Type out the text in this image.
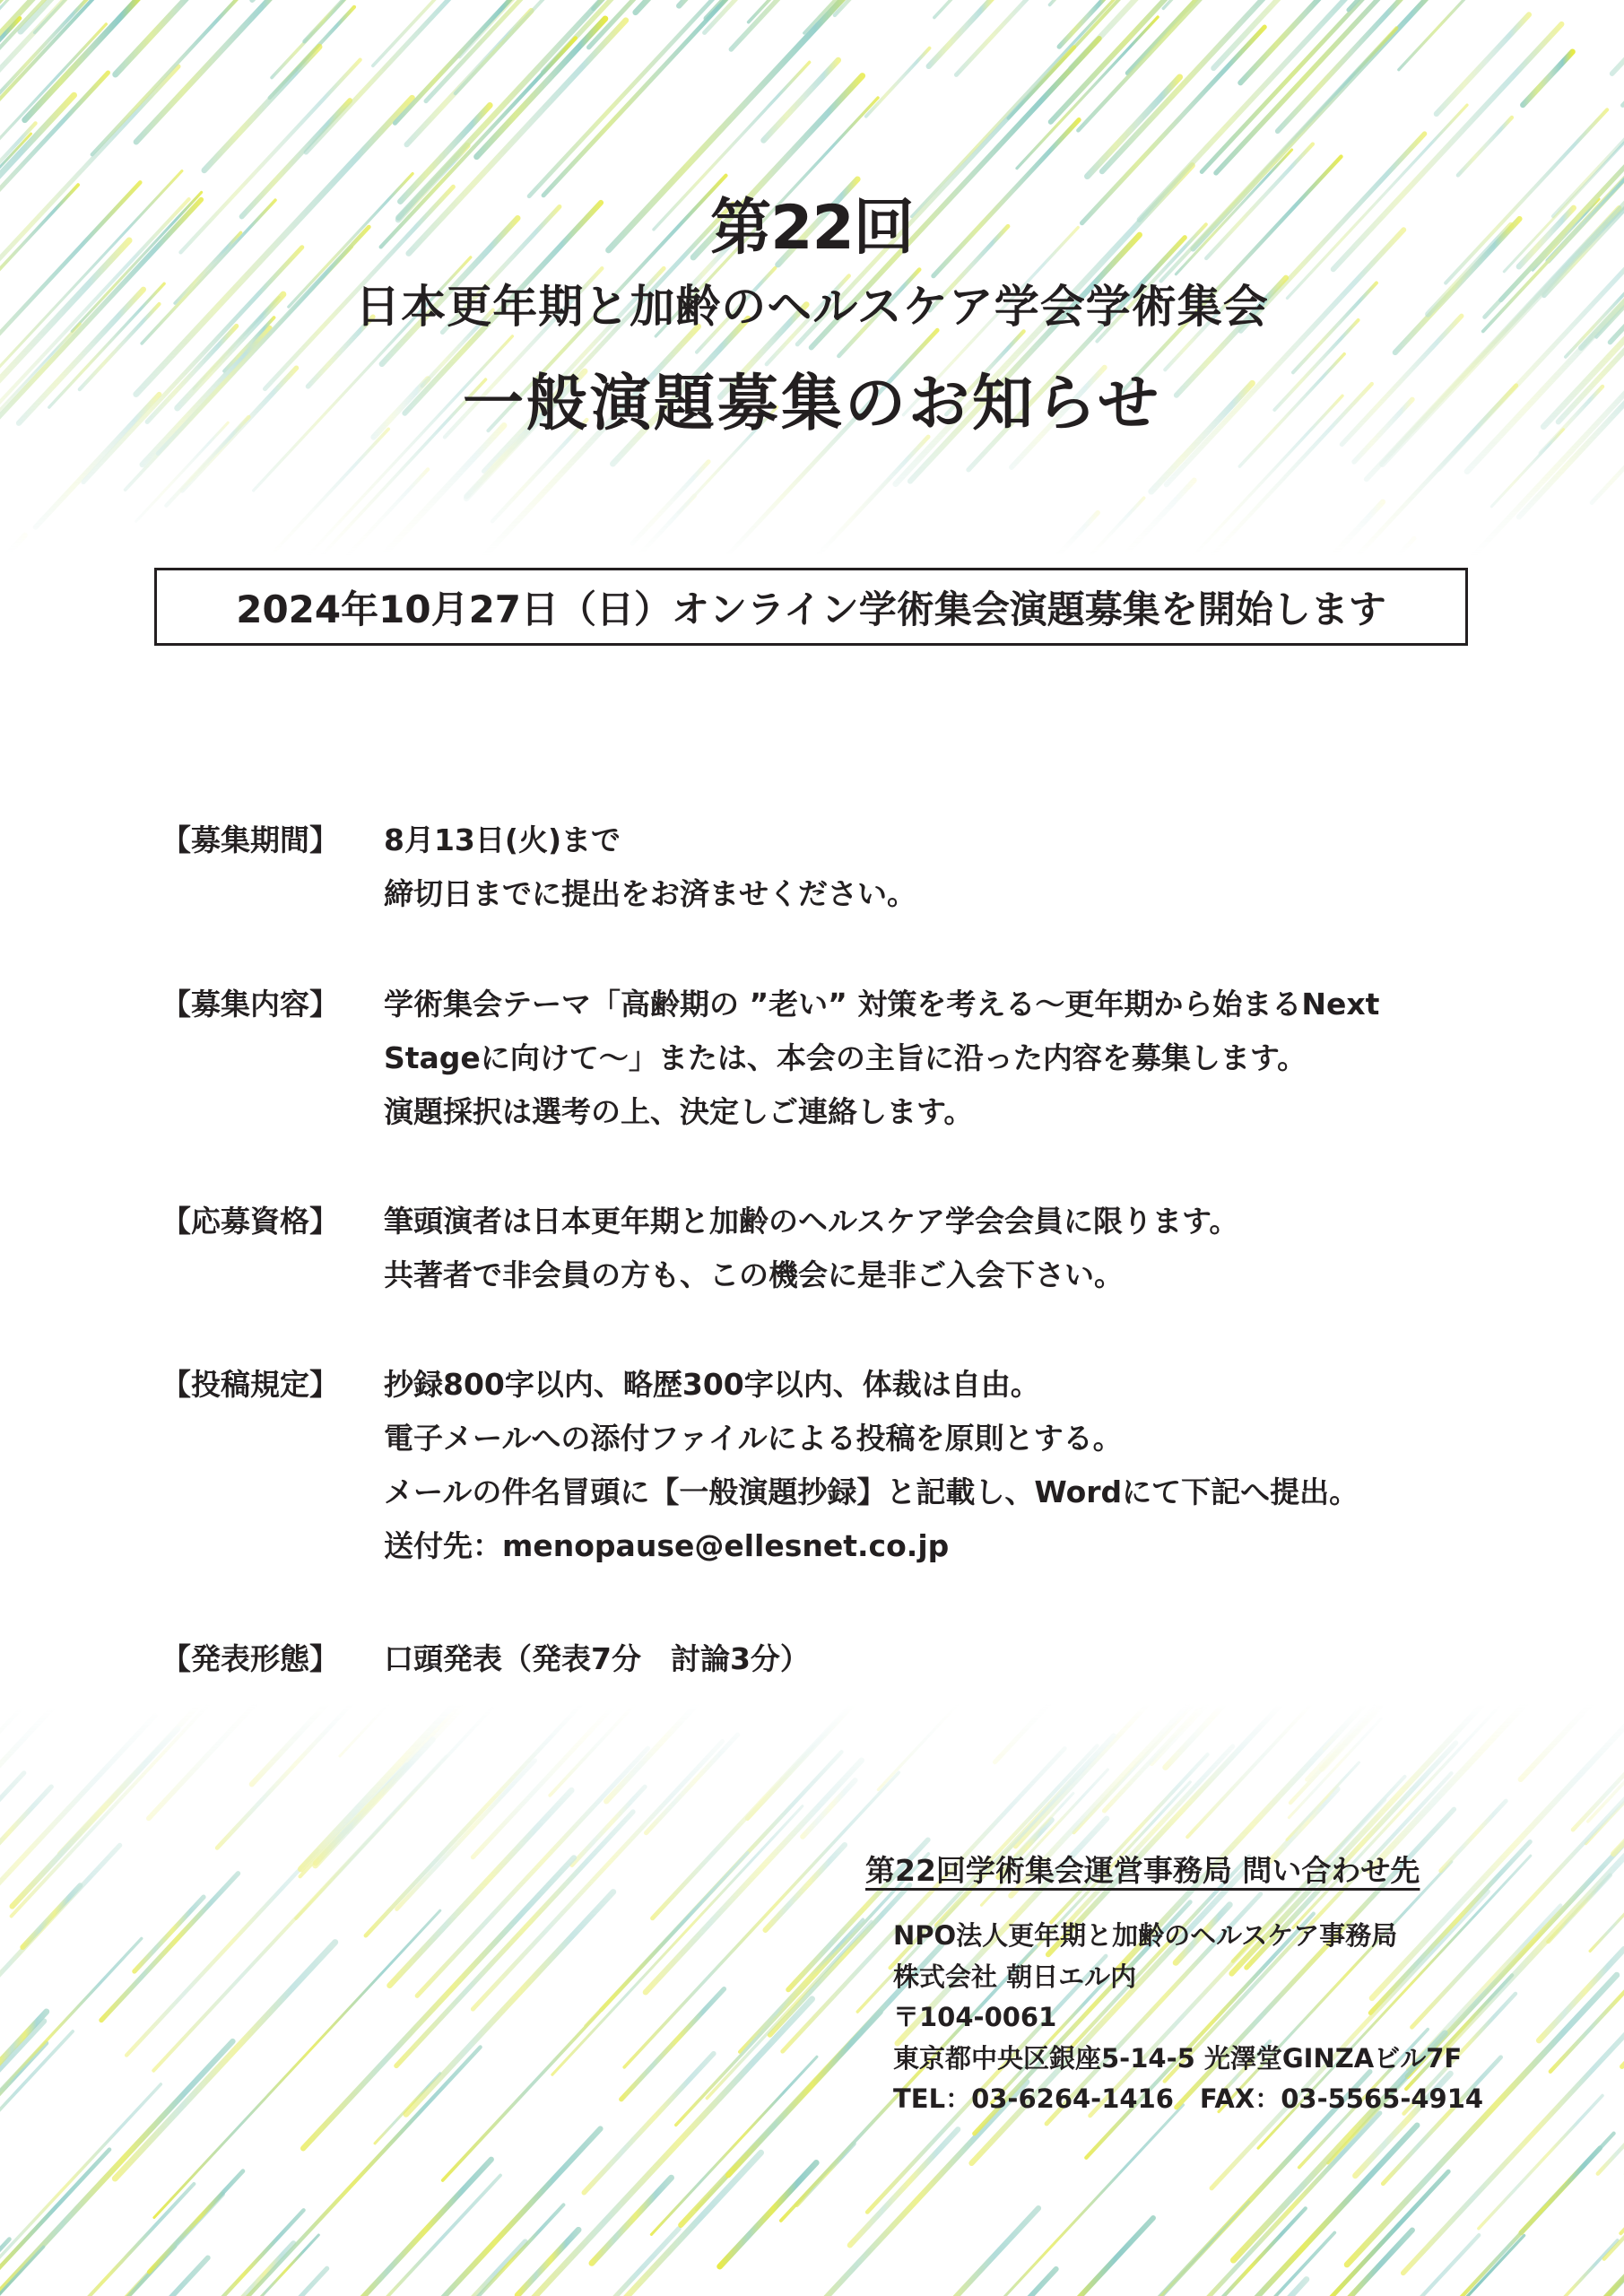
第22回
日本更年期と加齢のヘルスケア学会学術集会
一般演題募集のお知らせ
2024年10月27日（日）オンライン学術集会演題募集を開始します
【募集期間】	8月13日(火)まで
締切日までに提出をお済ませください。
【募集内容】	学術集会テーマ「高齢期の ”老い” 対策を考える～更年期から始まるNext
Stageに向けて～」または、本会の主旨に沿った内容を募集します。
演題採択は選考の上、決定しご連絡します。
【応募資格】	筆頭演者は日本更年期と加齢のヘルスケア学会会員に限ります。
共著者で非会員の方も、この機会に是非ご入会下さい。
【投稿規定】	抄録800字以内、略歴300字以内、体裁は自由。
電子メールへの添付ファイルによる投稿を原則とする。
メールの件名冒頭に【一般演題抄録】と記載し、Wordにて下記へ提出。
送付先：menopause@ellesnet.co.jp
【発表形態】	口頭発表（発表7分　討論3分）
第22回学術集会運営事務局 問い合わせ先
NPO法人更年期と加齢のヘルスケア事務局
株式会社 朝日エル内
〒104-0061
東京都中央区銀座5-14-5 光澤堂GINZAビル7F
TEL：03-6264-1416　FAX：03-5565-4914
